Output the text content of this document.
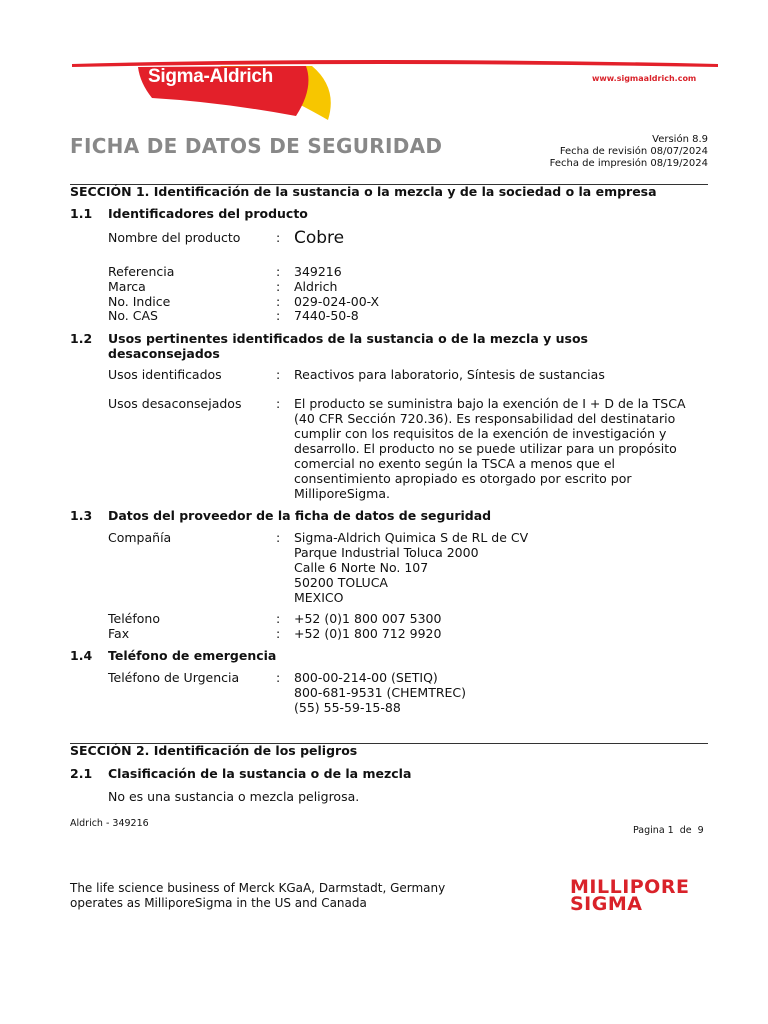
Sigma-Aldrich	www.sigmaaldrich.com
FICHA DE DATOS DE SEGURIDAD	Versión 8.9
Fecha de revisión 08/07/2024
Fecha de impresión 08/19/2024
SECCIÓN 1. Identificación de la sustancia o la mezcla y de la sociedad o la empresa
1.1 Identificadores del producto
Nombre del producto	: Cobre
Referencia	: 349216
Marca	: Aldrich
No. Indice	: 029-024-00-X
No. CAS	: 7440-50-8
1.2 Usos pertinentes identificados de la sustancia o de la mezcla y usos desaconsejados
Usos identificados	: Reactivos para laboratorio, Síntesis de sustancias
Usos desaconsejados	: El producto se suministra bajo la exención de I + D de la TSCA
(40 CFR Sección 720.36). Es responsabilidad del destinatario
cumplir con los requisitos de la exención de investigación y
desarrollo. El producto no se puede utilizar para un propósito
comercial no exento según la TSCA a menos que el
consentimiento apropiado es otorgado por escrito por
MilliporeSigma.
1.3 Datos del proveedor de la ficha de datos de seguridad
Compañía	: Sigma-Aldrich Quimica S de RL de CV
Parque Industrial Toluca 2000
Calle 6 Norte No. 107
50200 TOLUCA
MEXICO
Teléfono	: +52 (0)1 800 007 5300
Fax	: +52 (0)1 800 712 9920
1.4 Teléfono de emergencia
Teléfono de Urgencia	: 800-00-214-00 (SETIQ)
800-681-9531 (CHEMTREC)
(55) 55-59-15-88
SECCIÓN 2. Identificación de los peligros
2.1 Clasificación de la sustancia o de la mezcla
No es una sustancia o mezcla peligrosa.
Aldrich - 349216
Pagina 1  de  9
The life science business of Merck KGaA, Darmstadt, Germany
operates as MilliporeSigma in the US and Canada
MILLIPORE
SIGMA
